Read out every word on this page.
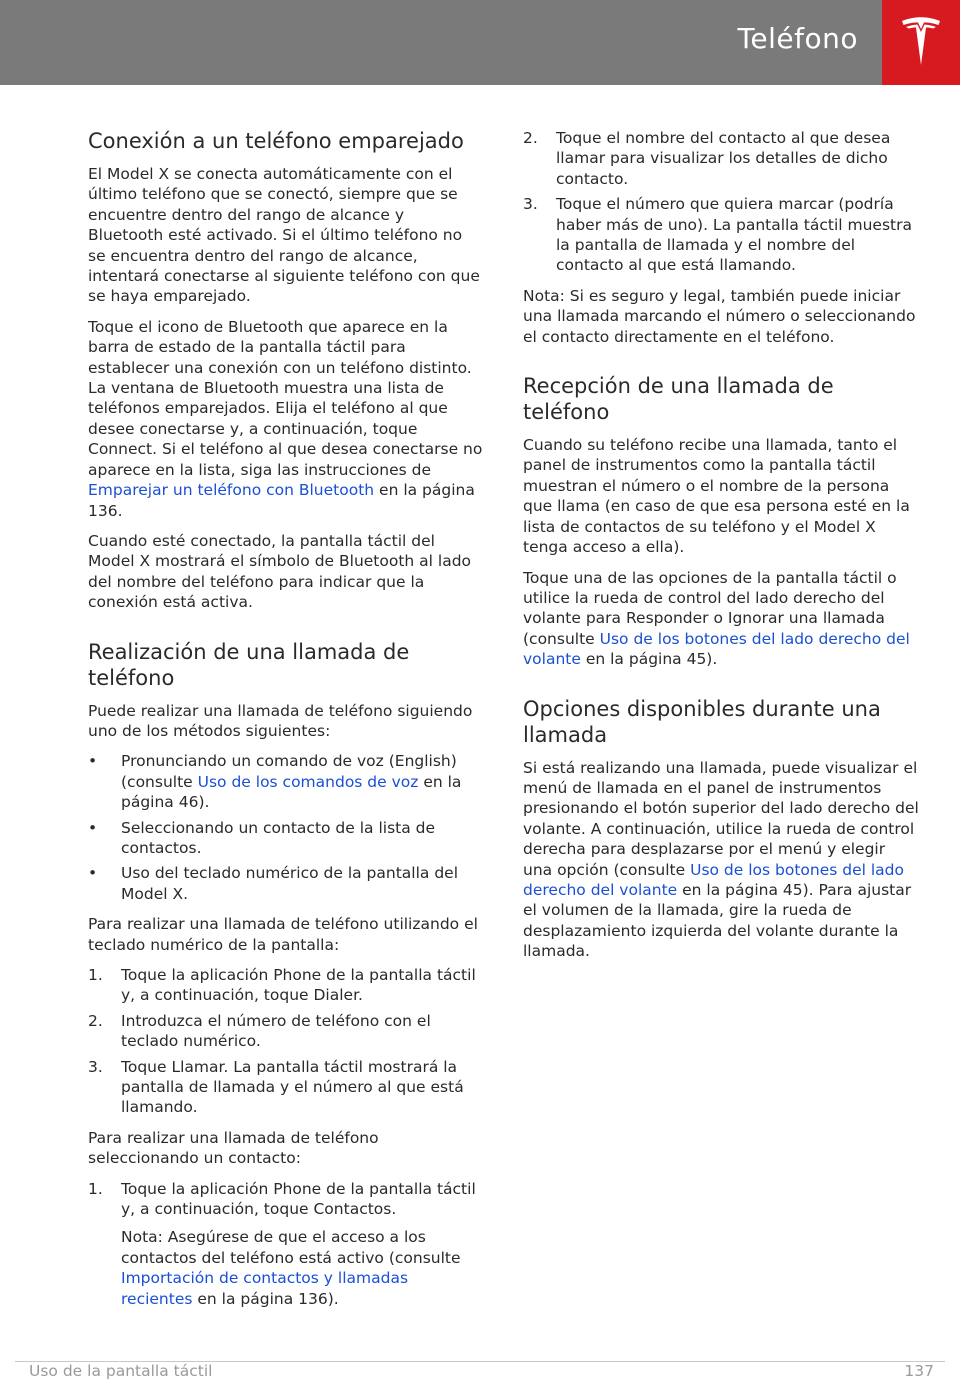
Teléfono
Conexión a un teléfono emparejado

El Model X se conecta automáticamente con el último teléfono que se conectó, siempre que se encuentre dentro del rango de alcance y Bluetooth esté activado. Si el último teléfono no se encuentra dentro del rango de alcance, intentará conectarse al siguiente teléfono con que se haya emparejado.

Toque el icono de Bluetooth que aparece en la barra de estado de la pantalla táctil para establecer una conexión con un teléfono distinto. La ventana de Bluetooth muestra una lista de teléfonos emparejados. Elija el teléfono al que desee conectarse y, a continuación, toque Connect. Si el teléfono al que desea conectarse no aparece en la lista, siga las instrucciones de Emparejar un teléfono con Bluetooth en la página 136.

Cuando esté conectado, la pantalla táctil del Model X mostrará el símbolo de Bluetooth al lado del nombre del teléfono para indicar que la conexión está activa.

Realización de una llamada de teléfono

Puede realizar una llamada de teléfono siguiendo uno de los métodos siguientes:

• Pronunciando un comando de voz (English) (consulte Uso de los comandos de voz en la página 46).
• Seleccionando un contacto de la lista de contactos.
• Uso del teclado numérico de la pantalla del Model X.

Para realizar una llamada de teléfono utilizando el teclado numérico de la pantalla:

1. Toque la aplicación Phone de la pantalla táctil y, a continuación, toque Dialer.
2. Introduzca el número de teléfono con el teclado numérico.
3. Toque Llamar. La pantalla táctil mostrará la pantalla de llamada y el número al que está llamando.

Para realizar una llamada de teléfono seleccionando un contacto:

1. Toque la aplicación Phone de la pantalla táctil y, a continuación, toque Contactos.
Nota: Asegúrese de que el acceso a los contactos del teléfono está activo (consulte Importación de contactos y llamadas recientes en la página 136).
2. Toque el nombre del contacto al que desea llamar para visualizar los detalles de dicho contacto.
3. Toque el número que quiera marcar (podría haber más de uno). La pantalla táctil muestra la pantalla de llamada y el nombre del contacto al que está llamando.

Nota: Si es seguro y legal, también puede iniciar una llamada marcando el número o seleccionando el contacto directamente en el teléfono.

Recepción de una llamada de teléfono

Cuando su teléfono recibe una llamada, tanto el panel de instrumentos como la pantalla táctil muestran el número o el nombre de la persona que llama (en caso de que esa persona esté en la lista de contactos de su teléfono y el Model X tenga acceso a ella).

Toque una de las opciones de la pantalla táctil o utilice la rueda de control del lado derecho del volante para Responder o Ignorar una llamada (consulte Uso de los botones del lado derecho del volante en la página 45).

Opciones disponibles durante una llamada

Si está realizando una llamada, puede visualizar el menú de llamada en el panel de instrumentos presionando el botón superior del lado derecho del volante. A continuación, utilice la rueda de control derecha para desplazarse por el menú y elegir una opción (consulte Uso de los botones del lado derecho del volante en la página 45). Para ajustar el volumen de la llamada, gire la rueda de desplazamiento izquierda del volante durante la llamada.

Uso de la pantalla táctil	137
